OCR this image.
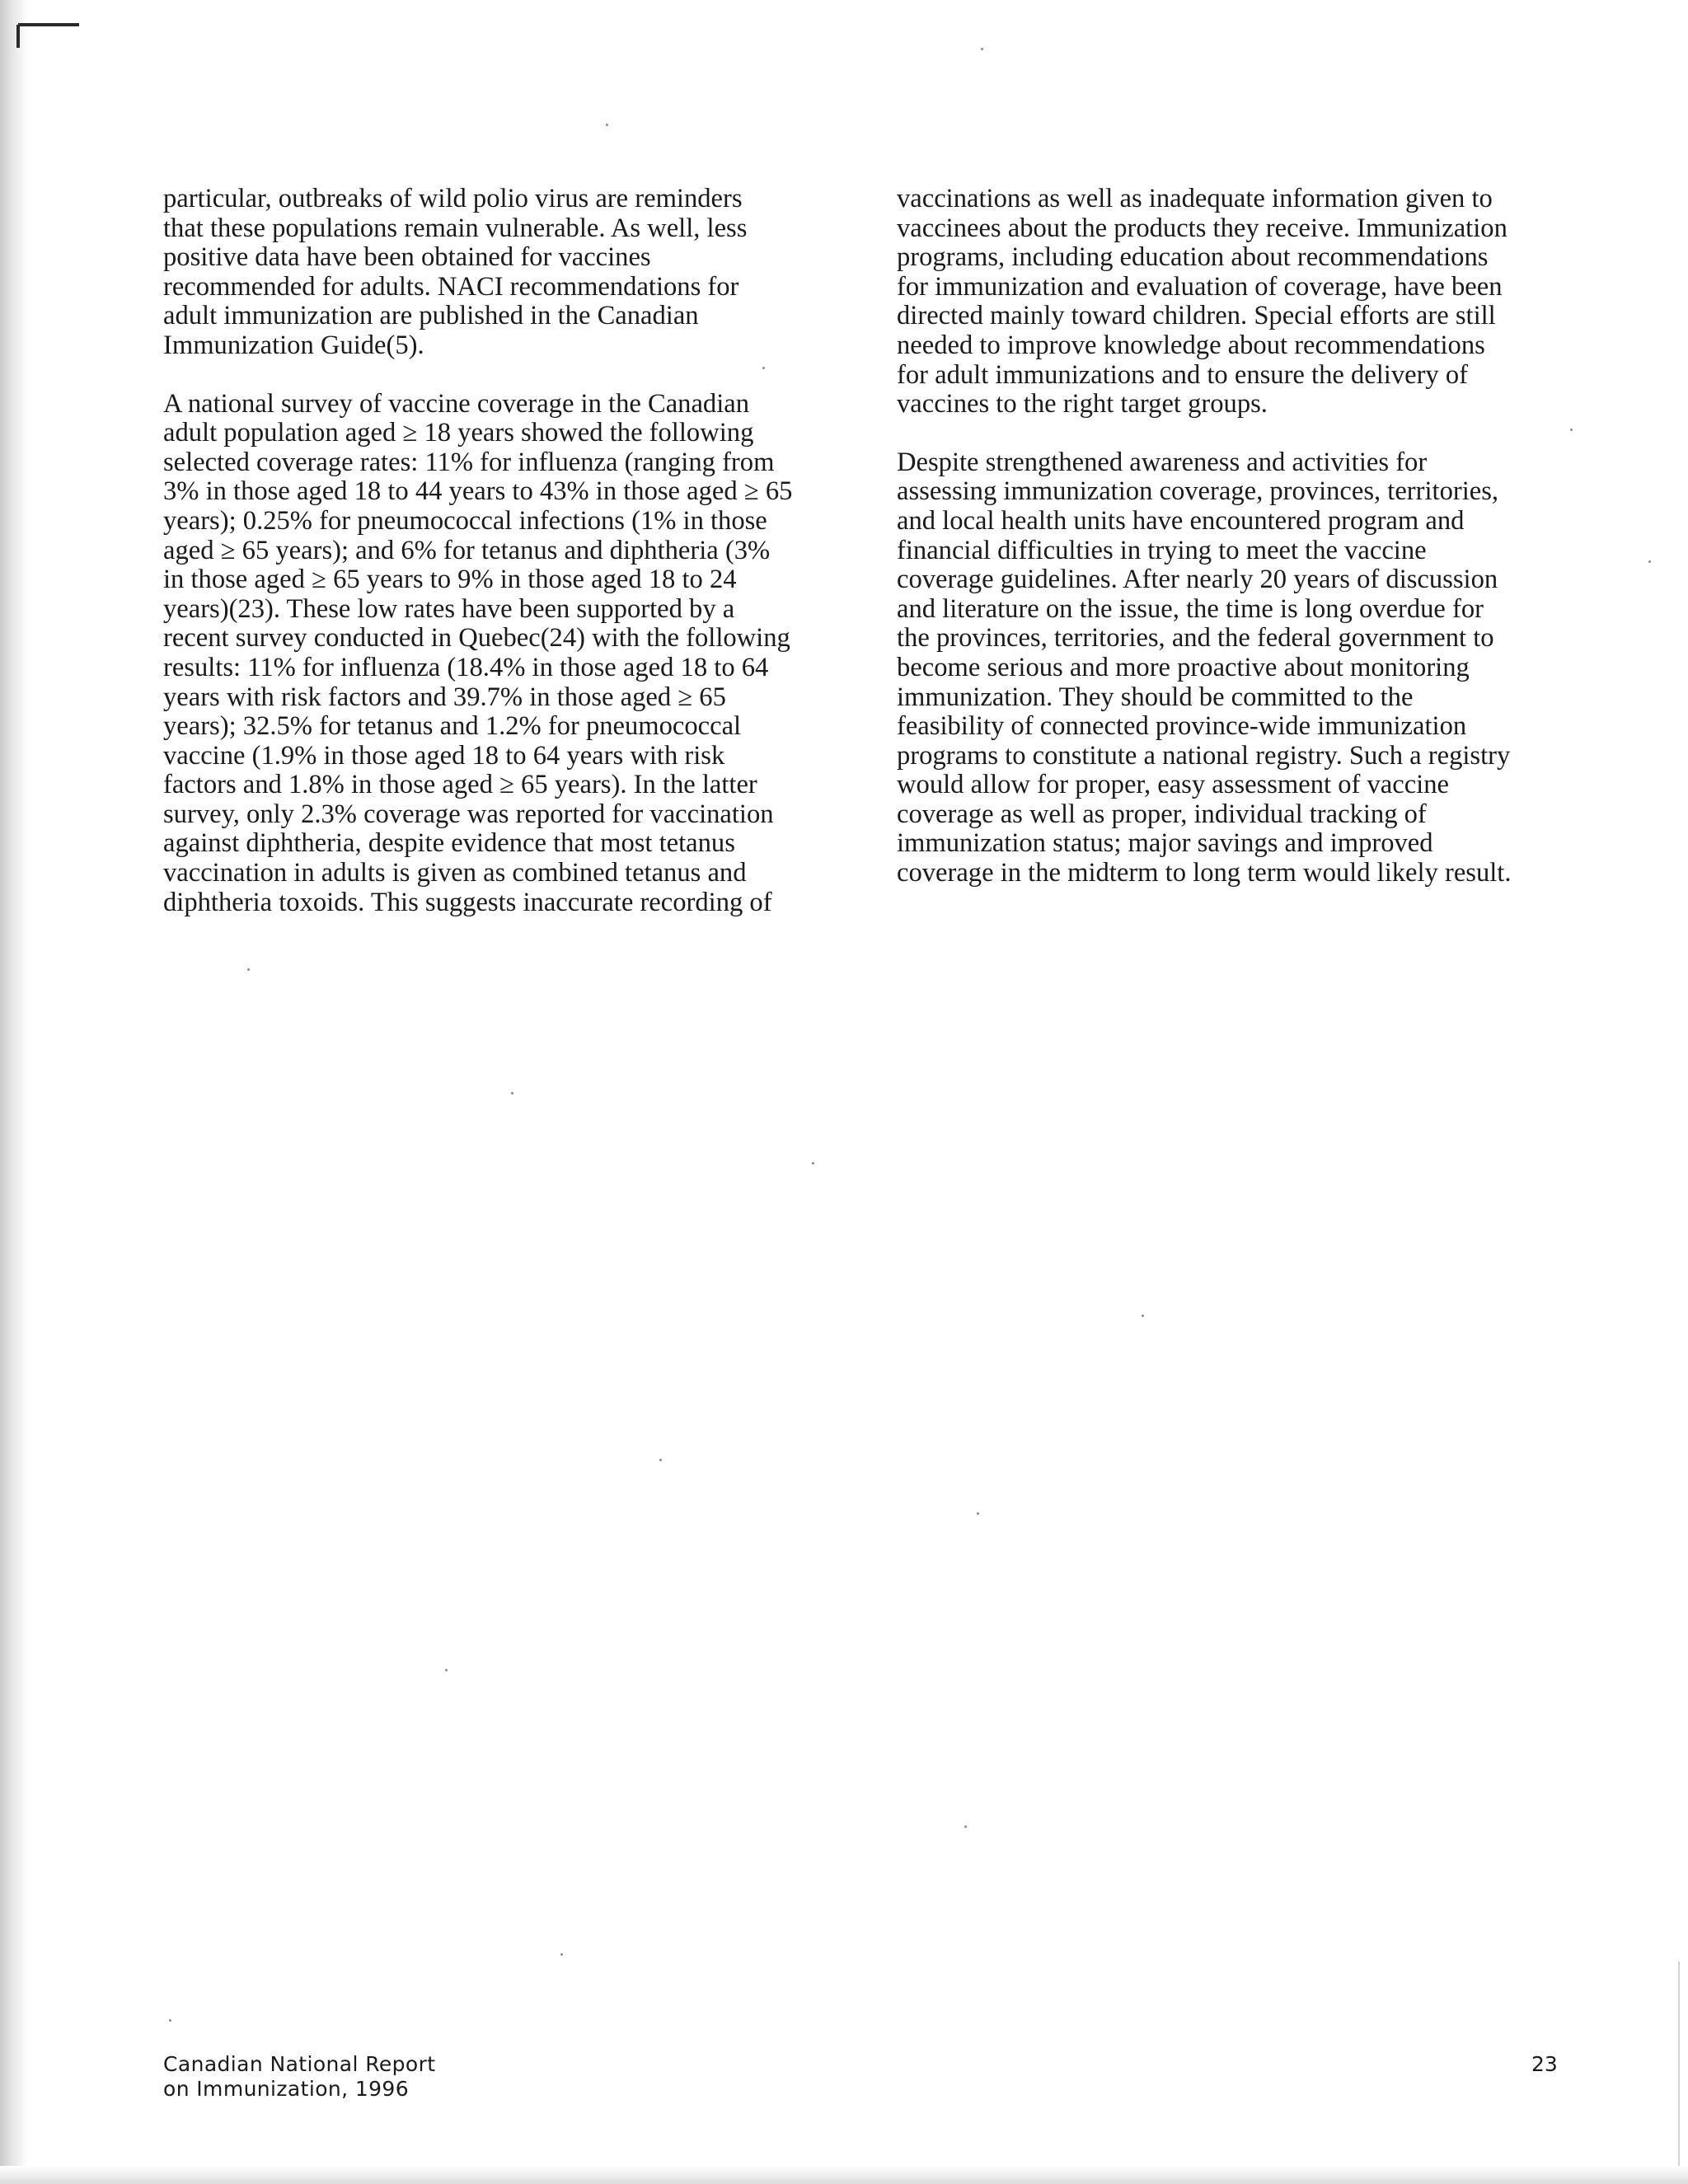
particular, outbreaks of wild polio virus are reminders
that these populations remain vulnerable. As well, less
positive data have been obtained for vaccines
recommended for adults. NACI recommendations for
adult immunization are published in the Canadian
Immunization Guide(5).
A national survey of vaccine coverage in the Canadian
adult population aged ≥ 18 years showed the following
selected coverage rates: 11% for influenza (ranging from
3% in those aged 18 to 44 years to 43% in those aged ≥ 65
years); 0.25% for pneumococcal infections (1% in those
aged ≥ 65 years); and 6% for tetanus and diphtheria (3%
in those aged ≥ 65 years to 9% in those aged 18 to 24
years)(23). These low rates have been supported by a
recent survey conducted in Quebec(24) with the following
results: 11% for influenza (18.4% in those aged 18 to 64
years with risk factors and 39.7% in those aged ≥ 65
years); 32.5% for tetanus and 1.2% for pneumococcal
vaccine (1.9% in those aged 18 to 64 years with risk
factors and 1.8% in those aged ≥ 65 years). In the latter
survey, only 2.3% coverage was reported for vaccination
against diphtheria, despite evidence that most tetanus
vaccination in adults is given as combined tetanus and
diphtheria toxoids. This suggests inaccurate recording of
vaccinations as well as inadequate information given to
vaccinees about the products they receive. Immunization
programs, including education about recommendations
for immunization and evaluation of coverage, have been
directed mainly toward children. Special efforts are still
needed to improve knowledge about recommendations
for adult immunizations and to ensure the delivery of
vaccines to the right target groups.
Despite strengthened awareness and activities for
assessing immunization coverage, provinces, territories,
and local health units have encountered program and
financial difficulties in trying to meet the vaccine
coverage guidelines. After nearly 20 years of discussion
and literature on the issue, the time is long overdue for
the provinces, territories, and the federal government to
become serious and more proactive about monitoring
immunization. They should be committed to the
feasibility of connected province-wide immunization
programs to constitute a national registry. Such a registry
would allow for proper, easy assessment of vaccine
coverage as well as proper, individual tracking of
immunization status; major savings and improved
coverage in the midterm to long term would likely result.
Canadian National Report
on Immunization, 1996
23
